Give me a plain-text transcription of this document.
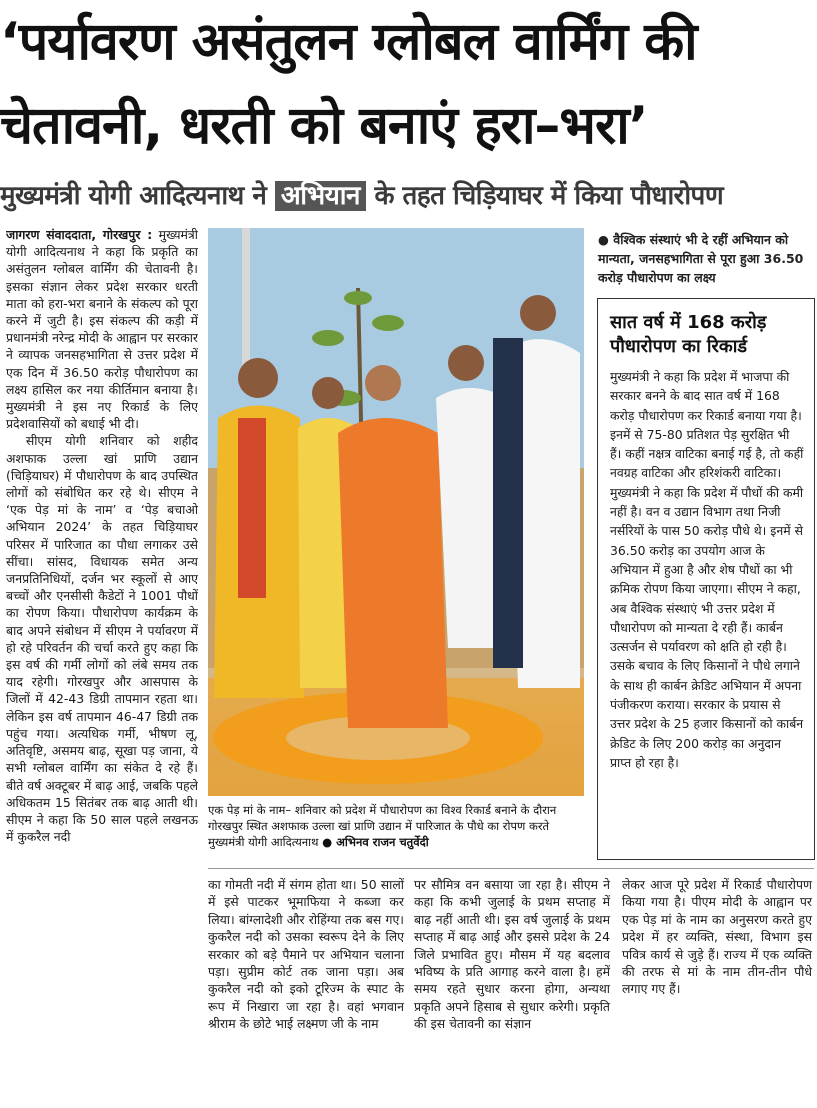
‘पर्यावरण असंतुलन ग्लोबल वार्मिंग की
चेतावनी, धरती को बनाएं हरा–भरा’
मुख्यमंत्री योगी आदित्यनाथ ने अभियान के तहत चिड़ियाघर में किया पौधारोपण

जागरण संवाददाता, गोरखपुर : मुख्यमंत्री योगी आदित्यनाथ ने कहा कि प्रकृति का असंतुलन ग्लोबल वार्मिंग की चेतावनी है। इसका संज्ञान लेकर प्रदेश सरकार धरती माता को हरा-भरा बनाने के संकल्प को पूरा करने में जुटी है। इस संकल्प की कड़ी में प्रधानमंत्री नरेन्द्र मोदी के आह्वान पर सरकार ने व्यापक जनसहभागिता से उत्तर प्रदेश में एक दिन में 36.50 करोड़ पौधारोपण का लक्ष्य हासिल कर नया कीर्तिमान बनाया है। मुख्यमंत्री ने इस नए रिकार्ड के लिए प्रदेशवासियों को बधाई भी दी।

सीएम योगी शनिवार को शहीद अशफाक उल्ला खां प्राणि उद्यान (चिड़ियाघर) में पौधारोपण के बाद उपस्थित लोगों को संबोधित कर रहे थे। सीएम ने ‘एक पेड़ मां के नाम’ व ‘पेड़ बचाओ अभियान 2024’ के तहत चिड़ियाघर परिसर में पारिजात का पौधा लगाकर उसे सींचा। सांसद, विधायक समेत अन्य जनप्रतिनिधियों, दर्जन भर स्कूलों से आए बच्चों और एनसीसी कैडेटों ने 1001 पौधों का रोपण किया। पौधारोपण कार्यक्रम के बाद अपने संबोधन में सीएम ने पर्यावरण में हो रहे परिवर्तन की चर्चा करते हुए कहा कि इस वर्ष की गर्मी लोगों को लंबे समय तक याद रहेगी। गोरखपुर और आसपास के जिलों में 42-43 डिग्री तापमान रहता था। लेकिन इस वर्ष तापमान 46-47 डिग्री तक पहुंच गया। अत्यधिक गर्मी, भीषण लू, अतिवृष्टि, असमय बाढ़, सूखा पड़ जाना, ये सभी ग्लोबल वार्मिंग का संकेत दे रहे हैं। बीते वर्ष अक्टूबर में बाढ़ आई, जबकि पहले अधिकतम 15 सितंबर तक बाढ़ आती थी। सीएम ने कहा कि 50 साल पहले लखनऊ में कुकरैल नदी

एक पेड़ मां के नाम– शनिवार को प्रदेश में पौधारोपण का विश्व रिकार्ड बनाने के दौरान गोरखपुर स्थित अशफाक उल्ला खां प्राणि उद्यान में पारिजात के पौधे का रोपण करते मुख्यमंत्री योगी आदित्यनाथ ● अभिनव राजन चतुर्वेदी
● वैश्विक संस्थाएं भी दे रहीं अभियान को मान्यता, जनसहभागिता से पूरा हुआ 36.50 करोड़ पौधारोपण का लक्ष्य
सात वर्ष में 168 करोड़ पौधारोपण का रिकार्ड
मुख्यमंत्री ने कहा कि प्रदेश में भाजपा की सरकार बनने के बाद सात वर्ष में 168 करोड़ पौधारोपण कर रिकार्ड बनाया गया है। इनमें से 75-80 प्रतिशत पेड़ सुरक्षित भी हैं। कहीं नक्षत्र वाटिका बनाई गई है, तो कहीं नवग्रह वाटिका और हरिशंकरी वाटिका। मुख्यमंत्री ने कहा कि प्रदेश में पौधों की कमी नहीं है। वन व उद्यान विभाग तथा निजी नर्सरियों के पास 50 करोड़ पौधे थे। इनमें से 36.50 करोड़ का उपयोग आज के अभियान में हुआ है और शेष पौधों का भी क्रमिक रोपण किया जाएगा। सीएम ने कहा, अब वैश्विक संस्थाएं भी उत्तर प्रदेश में पौधारोपण को मान्यता दे रही हैं। कार्बन उत्सर्जन से पर्यावरण को क्षति हो रही है। उसके बचाव के लिए किसानों ने पौधे लगाने के साथ ही कार्बन क्रेडिट अभियान में अपना पंजीकरण कराया। सरकार के प्रयास से उत्तर प्रदेश के 25 हजार किसानों को कार्बन क्रेडिट के लिए 200 करोड़ का अनुदान प्राप्त हो रहा है।
का गोमती नदी में संगम होता था। 50 सालों में इसे पाटकर भूमाफिया ने कब्जा कर लिया। बांग्लादेशी और रोहिंग्या तक बस गए। कुकरैल नदी को उसका स्वरूप देने के लिए सरकार को बड़े पैमाने पर अभियान चलाना पड़ा। सुप्रीम कोर्ट तक जाना पड़ा। अब कुकरैल नदी को इको टूरिज्म के स्पाट के रूप में निखारा जा रहा है। वहां भगवान श्रीराम के छोटे भाई लक्ष्मण जी के नाम
पर सौमित्र वन बसाया जा रहा है। सीएम ने कहा कि कभी जुलाई के प्रथम सप्ताह में बाढ़ नहीं आती थी। इस वर्ष जुलाई के प्रथम सप्ताह में बाढ़ आई और इससे प्रदेश के 24 जिले प्रभावित हुए। मौसम में यह बदलाव भविष्य के प्रति आगाह करने वाला है। हमें समय रहते सुधार करना होगा, अन्यथा प्रकृति अपने हिसाब से सुधार करेगी। प्रकृति की इस चेतावनी का संज्ञान
लेकर आज पूरे प्रदेश में रिकार्ड पौधारोपण किया गया है। पीएम मोदी के आह्वान पर एक पेड़ मां के नाम का अनुसरण करते हुए प्रदेश में हर व्यक्ति, संस्था, विभाग इस पवित्र कार्य से जुड़े हैं। राज्य में एक व्यक्ति की तरफ से मां के नाम तीन-तीन पौधे लगाए गए हैं।
